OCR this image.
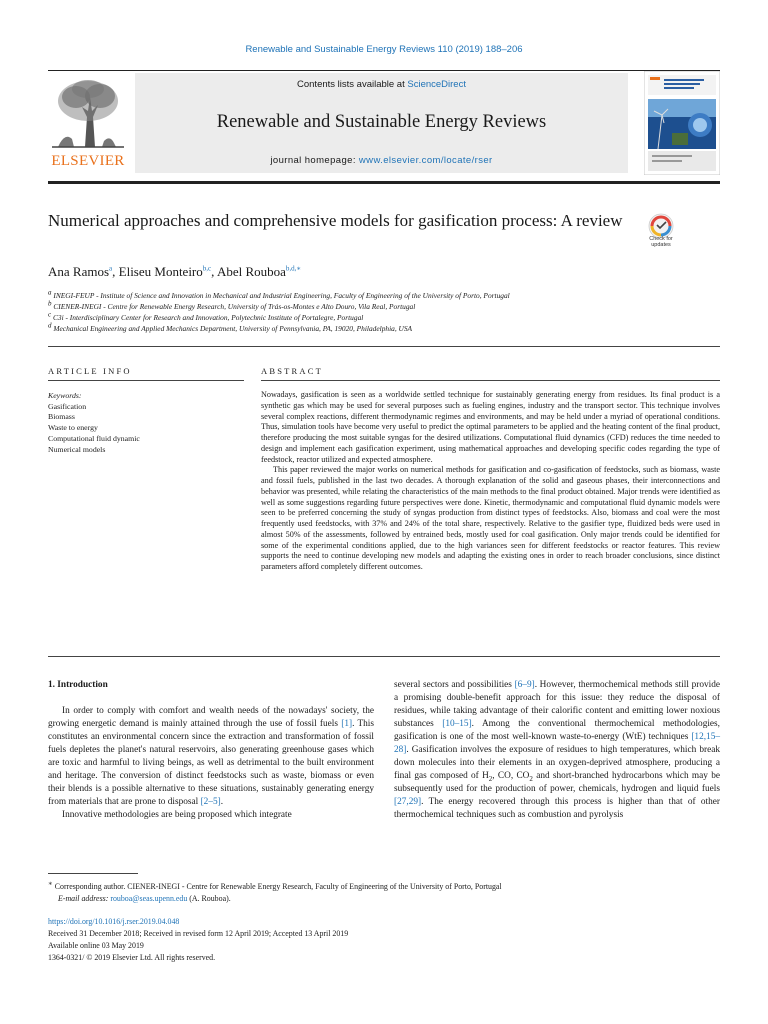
Renewable and Sustainable Energy Reviews 110 (2019) 188–206
ELSEVIER
Contents lists available at ScienceDirect
Renewable and Sustainable Energy Reviews
journal homepage: www.elsevier.com/locate/rser
Numerical approaches and comprehensive models for gasification process: A review
Check for updates
Ana Ramos$^a$, Eliseu Monteiro$^{b,c}$, Abel Rouboa$^{b,d,∗}$
$^a$ INEGI-FEUP - Institute of Science and Innovation in Mechanical and Industrial Engineering, Faculty of Engineering of the University of Porto, Portugal
$^b$ CIENER-INEGI - Centre for Renewable Energy Research, University of Trás-os-Montes e Alto Douro, Vila Real, Portugal
$^c$ C3i - Interdisciplinary Center for Research and Innovation, Polytechnic Institute of Portalegre, Portugal
$^d$ Mechanical Engineering and Applied Mechanics Department, University of Pennsylvania, PA, 19020, Philadelphia, USA
ARTICLE INFO	ABSTRACT
Keywords:
Gasification
Biomass
Waste to energy
Computational fluid dynamic
Numerical models

Nowadays, gasification is seen as a worldwide settled technique for sustainably generating energy from residues. Its final product is a synthetic gas which may be used for several purposes such as fueling engines, industry and the transport sector. This technique involves several complex reactions, different thermodynamic regimes and environments, and may be held under a myriad of operational conditions. Thus, simulation tools have become very useful to predict the optimal parameters to be applied and the heating content of the final product, therefore producing the most suitable syngas for the desired utilizations. Computational fluid dynamics (CFD) reduces the time needed to design and implement each gasification experiment, using mathematical approaches and developing specific codes regarding the type of feedstock, reactor utilized and expected atmosphere.

This paper reviewed the major works on numerical methods for gasification and co-gasification of feedstocks, such as biomass, waste and fossil fuels, published in the last two decades. A thorough explanation of the solid and gaseous phases, their interconnections and behavior was presented, while relating the characteristics of the main methods to the final product obtained. Major trends were identified as well as some suggestions regarding future perspectives were done. Kinetic, thermodynamic and computational fluid dynamic models were seen to be preferred concerning the study of syngas production from distinct types of feedstocks. Also, biomass and coal were the most frequently used feedstocks, with 37% and 24% of the total share, respectively. Relative to the gasifier type, fluidized beds were used in almost 50% of the assessments, followed by entrained beds, mostly used for coal gasification. Only major trends could be identified for some of the experimental conditions applied, due to the high variances seen for different feedstocks or reactor features. This review supports the need to continue developing new models and adapting the existing ones in order to reach broader conclusions, since distinct parameters afford completely different outcomes.

1. Introduction

In order to comply with comfort and wealth needs of the nowadays' society, the growing energetic demand is mainly attained through the use of fossil fuels [1]. This constitutes an environmental concern since the extraction and transformation of fossil fuels depletes the planet's natural reservoirs, also generating greenhouse gases which are toxic and harmful to living beings, as well as detrimental to the built environment and heritage. The conversion of distinct feedstocks such as waste, biomass or even their blends is a possible alternative to these situations, sustainably generating energy from materials that are prone to disposal [2–5].

Innovative methodologies are being proposed which integrate

several sectors and possibilities [6–9]. However, thermochemical methods still provide a promising double-benefit approach for this issue: they reduce the disposal of residues, while taking advantage of their calorific content and emitting lower noxious substances [10–15]. Among the conventional thermochemical methodologies, gasification is one of the most well-known waste-to-energy (WtE) techniques [12,15–28]. Gasification involves the exposure of residues to high temperatures, which break down molecules into their elements in an oxygen-deprived atmosphere, producing a final gas composed of $H_2$, CO, $CO_2$ and short-branched hydrocarbons which may be subsequently used for the production of power, chemicals, hydrogen and liquid fuels [27,29]. The energy recovered through this process is higher than that of other thermochemical techniques such as combustion and pyrolysis

∗ Corresponding author. CIENER-INEGI - Centre for Renewable Energy Research, Faculty of Engineering of the University of Porto, Portugal
E-mail address: rouboa@seas.upenn.edu (A. Rouboa).
https://doi.org/10.1016/j.rser.2019.04.048
Received 31 December 2018; Received in revised form 12 April 2019; Accepted 13 April 2019
Available online 03 May 2019
1364-0321/ © 2019 Elsevier Ltd. All rights reserved.
